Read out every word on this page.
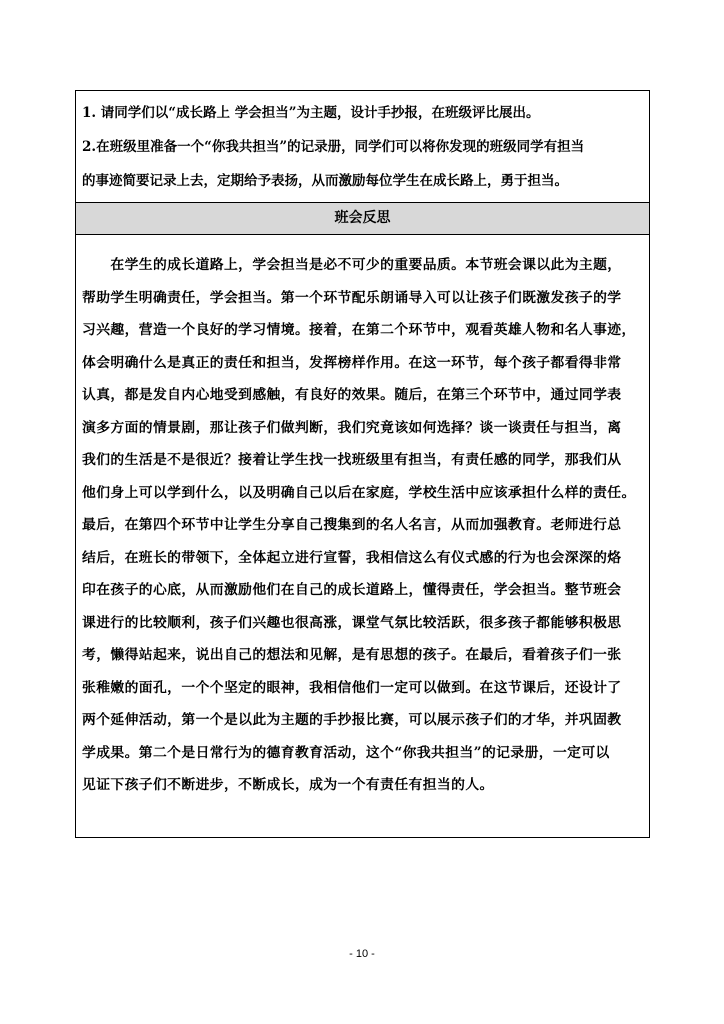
1. 请同学们以“成长路上 学会担当”为主题，设计手抄报，在班级评比展出。
2.在班级里准备一个“你我共担当”的记录册，同学们可以将你发现的班级同学有担当
的事迹简要记录上去，定期给予表扬，从而激励每位学生在成长路上，勇于担当。
班会反思
　　在学生的成长道路上，学会担当是必不可少的重要品质。本节班会课以此为主题，
帮助学生明确责任，学会担当。第一个环节配乐朗诵导入可以让孩子们既激发孩子的学
习兴趣，营造一个良好的学习情境。接着，在第二个环节中，观看英雄人物和名人事迹，
体会明确什么是真正的责任和担当，发挥榜样作用。在这一环节，每个孩子都看得非常
认真，都是发自内心地受到感触，有良好的效果。随后，在第三个环节中，通过同学表
演多方面的情景剧，那让孩子们做判断，我们究竟该如何选择？谈一谈责任与担当，离
我们的生活是不是很近？接着让学生找一找班级里有担当，有责任感的同学，那我们从
他们身上可以学到什么，以及明确自己以后在家庭，学校生活中应该承担什么样的责任。
最后，在第四个环节中让学生分享自己搜集到的名人名言，从而加强教育。老师进行总
结后，在班长的带领下，全体起立进行宣誓，我相信这么有仪式感的行为也会深深的烙
印在孩子的心底，从而激励他们在自己的成长道路上，懂得责任，学会担当。整节班会
课进行的比较顺利，孩子们兴趣也很高涨，课堂气氛比较活跃，很多孩子都能够积极思
考，懒得站起来，说出自己的想法和见解，是有思想的孩子。在最后，看着孩子们一张
张稚嫩的面孔，一个个坚定的眼神，我相信他们一定可以做到。在这节课后，还设计了
两个延伸活动，第一个是以此为主题的手抄报比赛，可以展示孩子们的才华，并巩固教
学成果。第二个是日常行为的德育教育活动，这个“你我共担当”的记录册，一定可以
见证下孩子们不断进步，不断成长，成为一个有责任有担当的人。
- 10 -
